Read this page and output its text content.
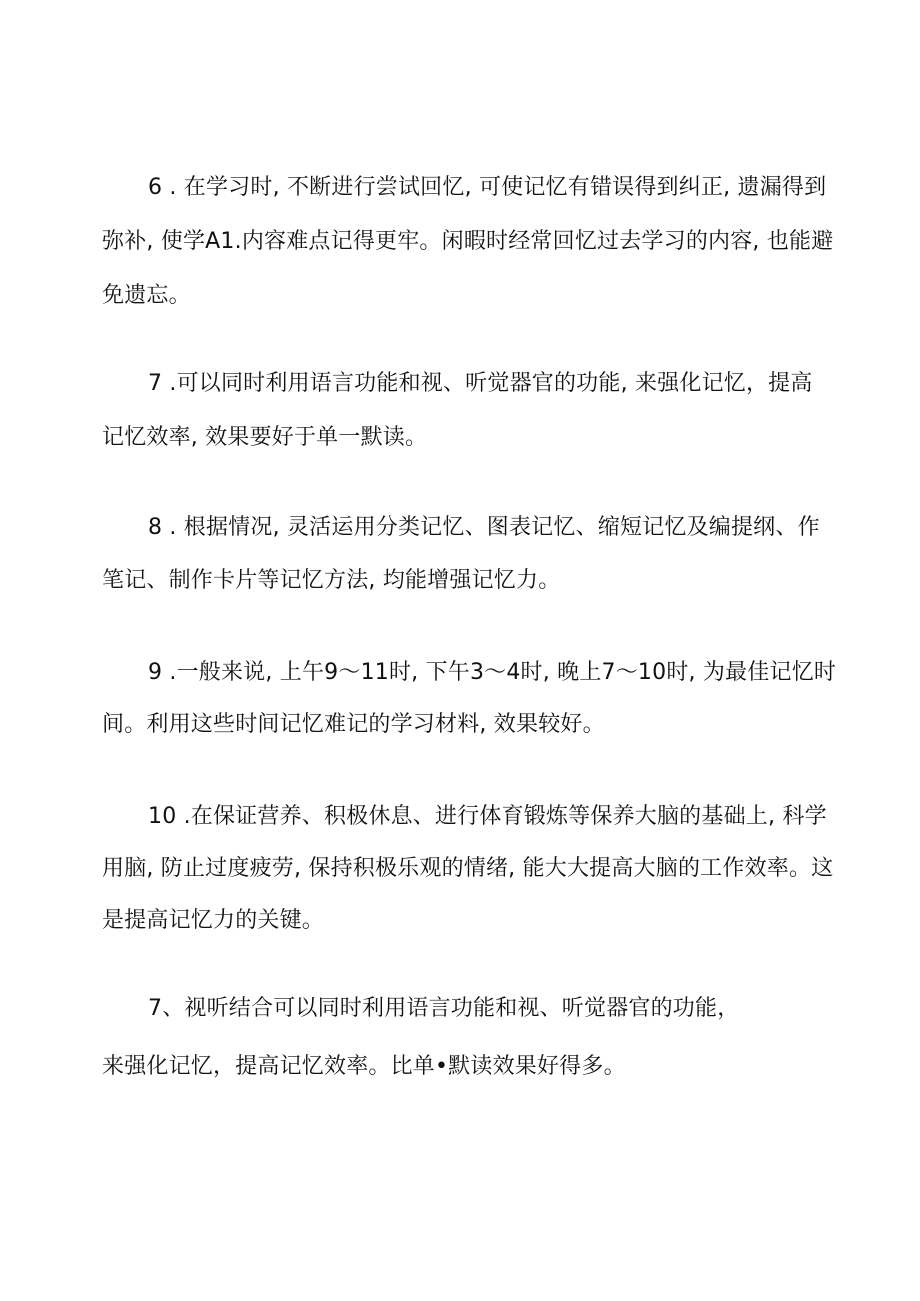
6 . 在学习时, 不断进行尝试回忆, 可使记忆有错误得到纠正, 遗漏得到
弥补, 使学A1.内容难点记得更牢。闲暇时经常回忆过去学习的内容, 也能避
免遗忘。
7 .可以同时利用语言功能和视、听觉器官的功能, 来强化记忆，提高
记忆效率, 效果要好于单一默读。
8 . 根据情况, 灵活运用分类记忆、图表记忆、缩短记忆及编提纲、作
笔记、制作卡片等记忆方法, 均能增强记忆力。
9 .一般来说, 上午9～11时, 下午3～4时, 晚上7～10时, 为最佳记忆时
间。利用这些时间记忆难记的学习材料, 效果较好。
10 .在保证营养、积极休息、进行体育锻炼等保养大脑的基础上, 科学
用脑, 防止过度疲劳, 保持积极乐观的情绪, 能大大提高大脑的工作效率。这
是提高记忆力的关键。
7、视听结合可以同时利用语言功能和视、听觉器官的功能，
来强化记忆，提高记忆效率。比单•默读效果好得多。
